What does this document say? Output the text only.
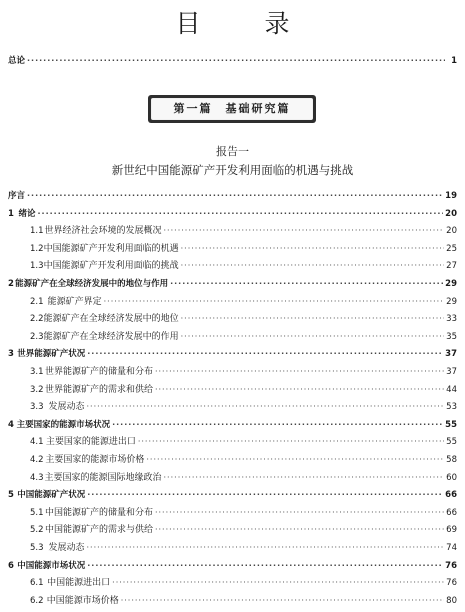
目 录
总论 ·····	1
第一篇　基础研究篇
报告一
新世纪中国能源矿产开发利用面临的机遇与挑战
序言 ·····	19
1 绪论 ·····	20
1.1 世界经济社会环境的发展概况 ·····	20
1.2 中国能源矿产开发利用面临的机遇 ·····	25
1.3 中国能源矿产开发利用面临的挑战 ·····	27
2 能源矿产在全球经济发展中的地位与作用 ·····	29
2.1 能源矿产界定 ·····	29
2.2 能源矿产在全球经济发展中的地位 ·····	33
2.3 能源矿产在全球经济发展中的作用 ·····	35
3 世界能源矿产状况 ·····	37
3.1 世界能源矿产的储量和分布 ·····	37
3.2 世界能源矿产的需求和供给 ·····	44
3.3 发展动态 ·····	53
4 主要国家的能源市场状况 ·····	55
4.1 主要国家的能源进出口 ·····	55
4.2 主要国家的能源市场价格 ·····	58
4.3 主要国家的能源国际地缘政治 ·····	60
5 中国能源矿产状况 ·····	66
5.1 中国能源矿产的储量和分布 ·····	66
5.2 中国能源矿产的需求与供给 ·····	69
5.3 发展动态 ·····	74
6 中国能源市场状况 ·····	76
6.1 中国能源进出口 ·····	76
6.2 中国能源市场价格 ·····	80
